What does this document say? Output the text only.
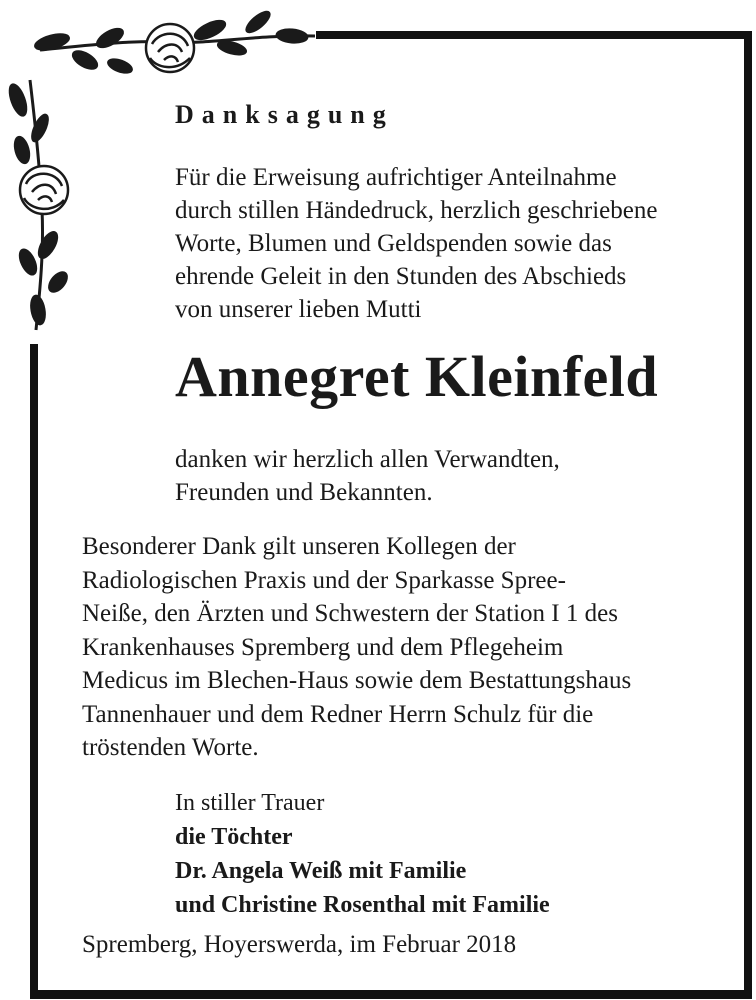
Danksagung

Für die Erweisung aufrichtiger Anteilnahme
durch stillen Händedruck, herzlich geschriebene
Worte, Blumen und Geldspenden sowie das
ehrende Geleit in den Stunden des Abschieds
von unserer lieben Mutti

Annegret Kleinfeld

danken wir herzlich allen Verwandten,
Freunden und Bekannten.

Besonderer Dank gilt unseren Kollegen der
Radiologischen Praxis und der Sparkasse Spree-
Neiße, den Ärzten und Schwestern der Station I 1 des
Krankenhauses Spremberg und dem Pflegeheim
Medicus im Blechen-Haus sowie dem Bestattungshaus
Tannenhauer und dem Redner Herrn Schulz für die
tröstenden Worte.

In stiller Trauer
die Töchter
Dr. Angela Weiß mit Familie
und Christine Rosenthal mit Familie

Spremberg, Hoyerswerda, im Februar 2018
